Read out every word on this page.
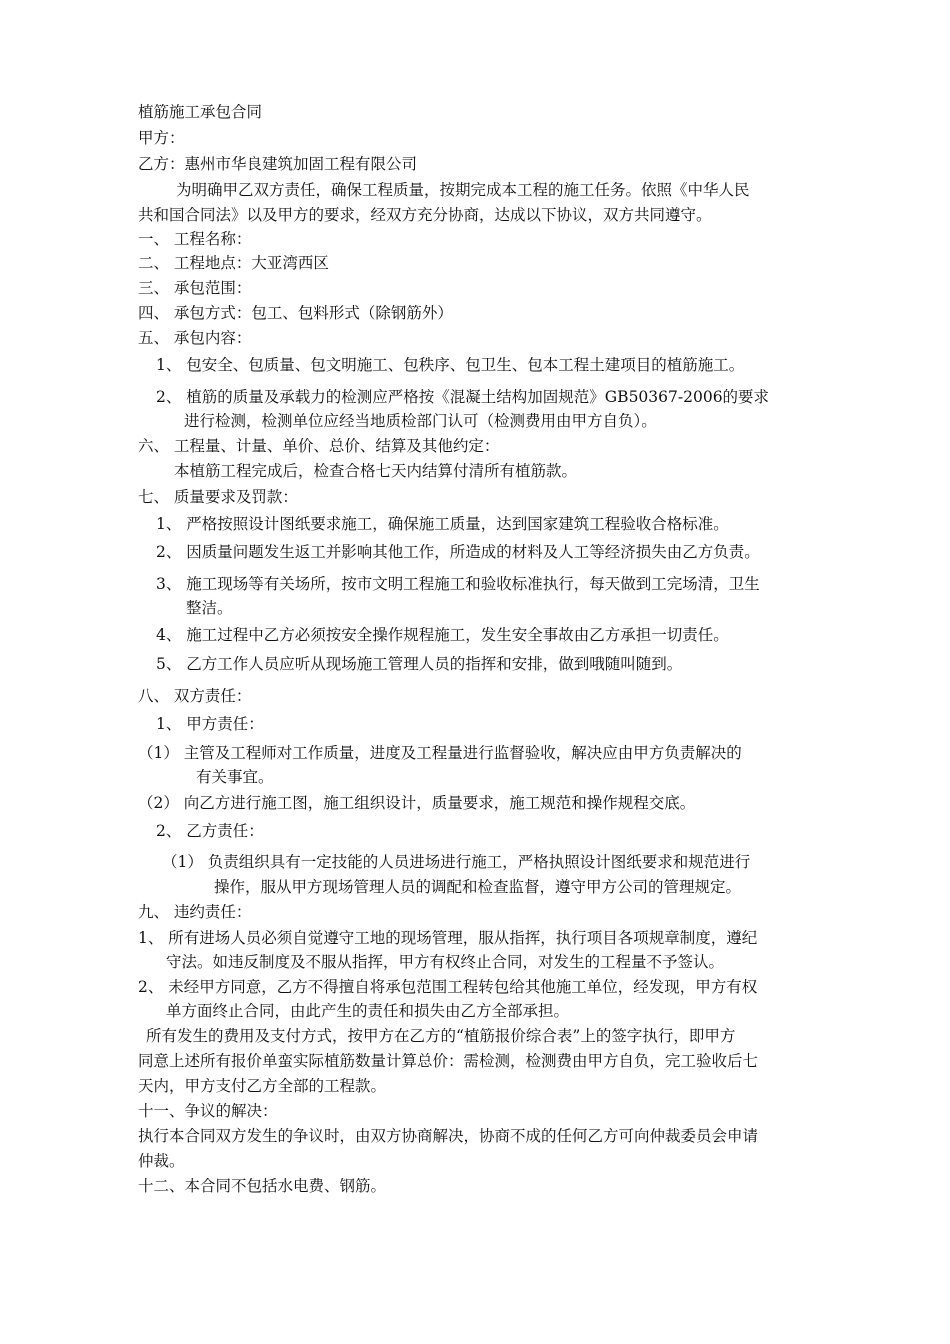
植筋施工承包合同
甲方：
乙方：惠州市华良建筑加固工程有限公司
为明确甲乙双方责任，确保工程质量，按期完成本工程的施工任务。依照《中华人民
共和国合同法》以及甲方的要求，经双方充分协商，达成以下协议，双方共同遵守。
一、 工程名称：
二、 工程地点：大亚湾西区
三、 承包范围：
四、 承包方式：包工、包料形式（除钢筋外）
五、 承包内容：
1、 包安全、包质量、包文明施工、包秩序、包卫生、包本工程土建项目的植筋施工。
2、 植筋的质量及承载力的检测应严格按《混凝土结构加固规范》GB50367-2006的要求
进行检测，检测单位应经当地质检部门认可（检测费用由甲方自负）。
六、 工程量、计量、单价、总价、结算及其他约定：
本植筋工程完成后，检查合格七天内结算付清所有植筋款。
七、 质量要求及罚款：
1、 严格按照设计图纸要求施工，确保施工质量，达到国家建筑工程验收合格标准。
2、 因质量问题发生返工并影响其他工作，所造成的材料及人工等经济损失由乙方负责。
3、 施工现场等有关场所，按市文明工程施工和验收标准执行，每天做到工完场清，卫生
整洁。
4、 施工过程中乙方必须按安全操作规程施工，发生安全事故由乙方承担一切责任。
5、 乙方工作人员应听从现场施工管理人员的指挥和安排，做到哦随叫随到。
八、 双方责任：
1、 甲方责任：
（1） 主管及工程师对工作质量，进度及工程量进行监督验收，解决应由甲方负责解决的
有关事宜。
（2） 向乙方进行施工图，施工组织设计，质量要求，施工规范和操作规程交底。
2、 乙方责任：
（1） 负责组织具有一定技能的人员进场进行施工，严格执照设计图纸要求和规范进行
操作，服从甲方现场管理人员的调配和检查监督，遵守甲方公司的管理规定。
九、 违约责任：
1、 所有进场人员必须自觉遵守工地的现场管理，服从指挥，执行项目各项规章制度，遵纪
守法。如违反制度及不服从指挥，甲方有权终止合同，对发生的工程量不予签认。
2、 未经甲方同意，乙方不得擅自将承包范围工程转包给其他施工单位，经发现，甲方有权
单方面终止合同，由此产生的责任和损失由乙方全部承担。
所有发生的费用及支付方式，按甲方在乙方的“植筋报价综合表”上的签字执行，即甲方
同意上述所有报价单蛮实际植筋数量计算总价：需检测，检测费由甲方自负，完工验收后七
天内，甲方支付乙方全部的工程款。
十一、争议的解决：
执行本合同双方发生的争议时，由双方协商解决，协商不成的任何乙方可向仲裁委员会申请
仲裁。
十二、本合同不包括水电费、钢筋。
